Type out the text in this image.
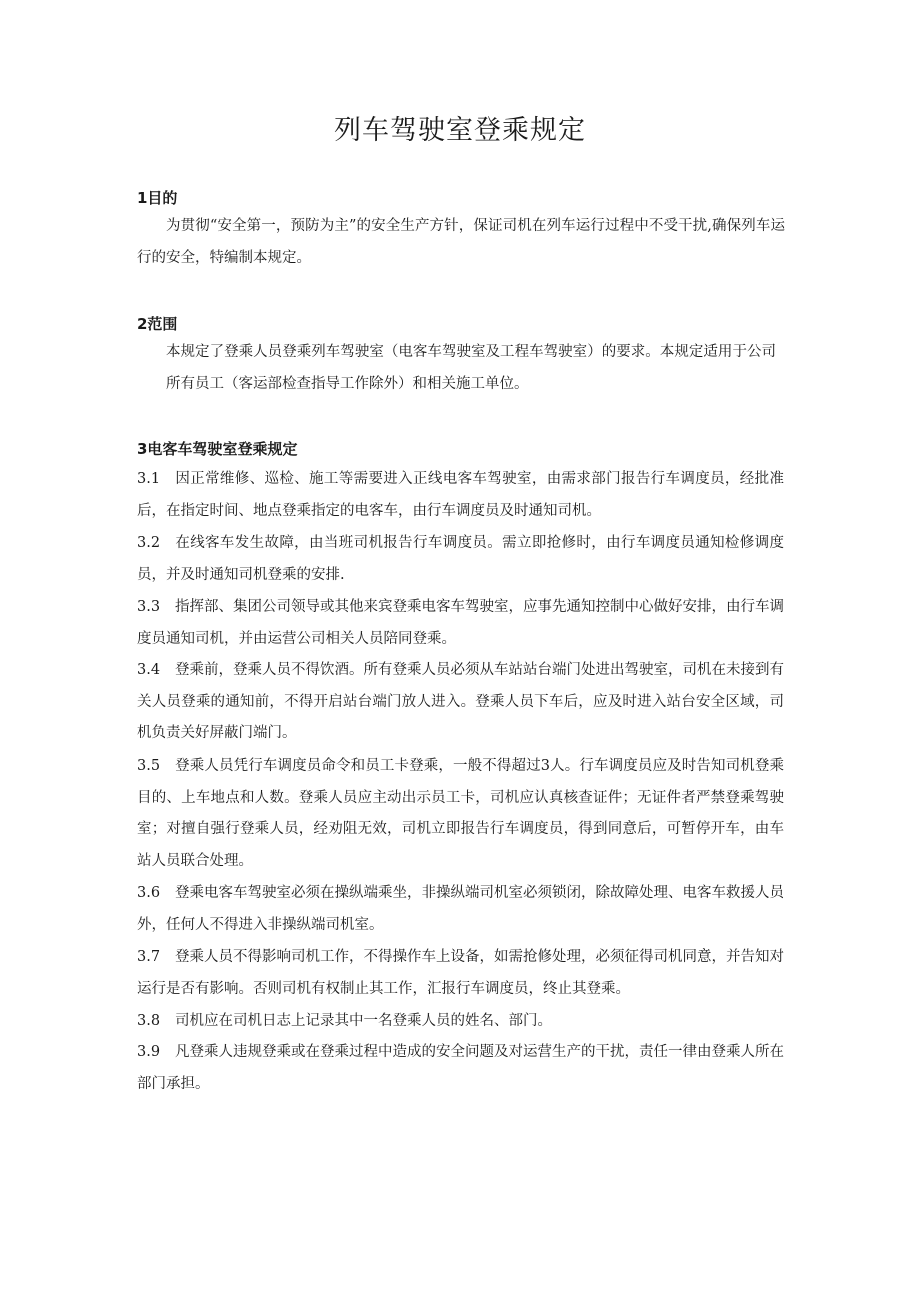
列车驾驶室登乘规定
1目的

为贯彻“安全第一，预防为主”的安全生产方针，保证司机在列车运行过程中不受干扰,确保列车运行的安全，特编制本规定。

2范围

本规定了登乘人员登乘列车驾驶室（电客车驾驶室及工程车驾驶室）的要求。本规定适用于公司所有员工（客运部检查指导工作除外）和相关施工单位。

3电客车驾驶室登乘规定

3.1 因正常维修、巡检、施工等需要进入正线电客车驾驶室，由需求部门报告行车调度员，经批准后，在指定时间、地点登乘指定的电客车，由行车调度员及时通知司机。

3.2 在线客车发生故障，由当班司机报告行车调度员。需立即抢修时，由行车调度员通知检修调度员，并及时通知司机登乘的安排.

3.3 指挥部、集团公司领导或其他来宾登乘电客车驾驶室，应事先通知控制中心做好安排，由行车调度员通知司机，并由运营公司相关人员陪同登乘。

3.4 登乘前，登乘人员不得饮酒。所有登乘人员必须从车站站台端门处进出驾驶室，司机在未接到有关人员登乘的通知前，不得开启站台端门放人进入。登乘人员下车后，应及时进入站台安全区域，司机负责关好屏蔽门端门。

3.5 登乘人员凭行车调度员命令和员工卡登乘，一般不得超过3人。行车调度员应及时告知司机登乘目的、上车地点和人数。登乘人员应主动出示员工卡，司机应认真核查证件；无证件者严禁登乘驾驶室；对擅自强行登乘人员，经劝阻无效，司机立即报告行车调度员，得到同意后，可暂停开车，由车站人员联合处理。

3.6 登乘电客车驾驶室必须在操纵端乘坐，非操纵端司机室必须锁闭，除故障处理、电客车救援人员外，任何人不得进入非操纵端司机室。

3.7 登乘人员不得影响司机工作，不得操作车上设备，如需抢修处理，必须征得司机同意，并告知对运行是否有影响。否则司机有权制止其工作，汇报行车调度员，终止其登乘。

3.8 司机应在司机日志上记录其中一名登乘人员的姓名、部门。

3.9 凡登乘人违规登乘或在登乘过程中造成的安全问题及对运营生产的干扰，责任一律由登乘人所在部门承担。
